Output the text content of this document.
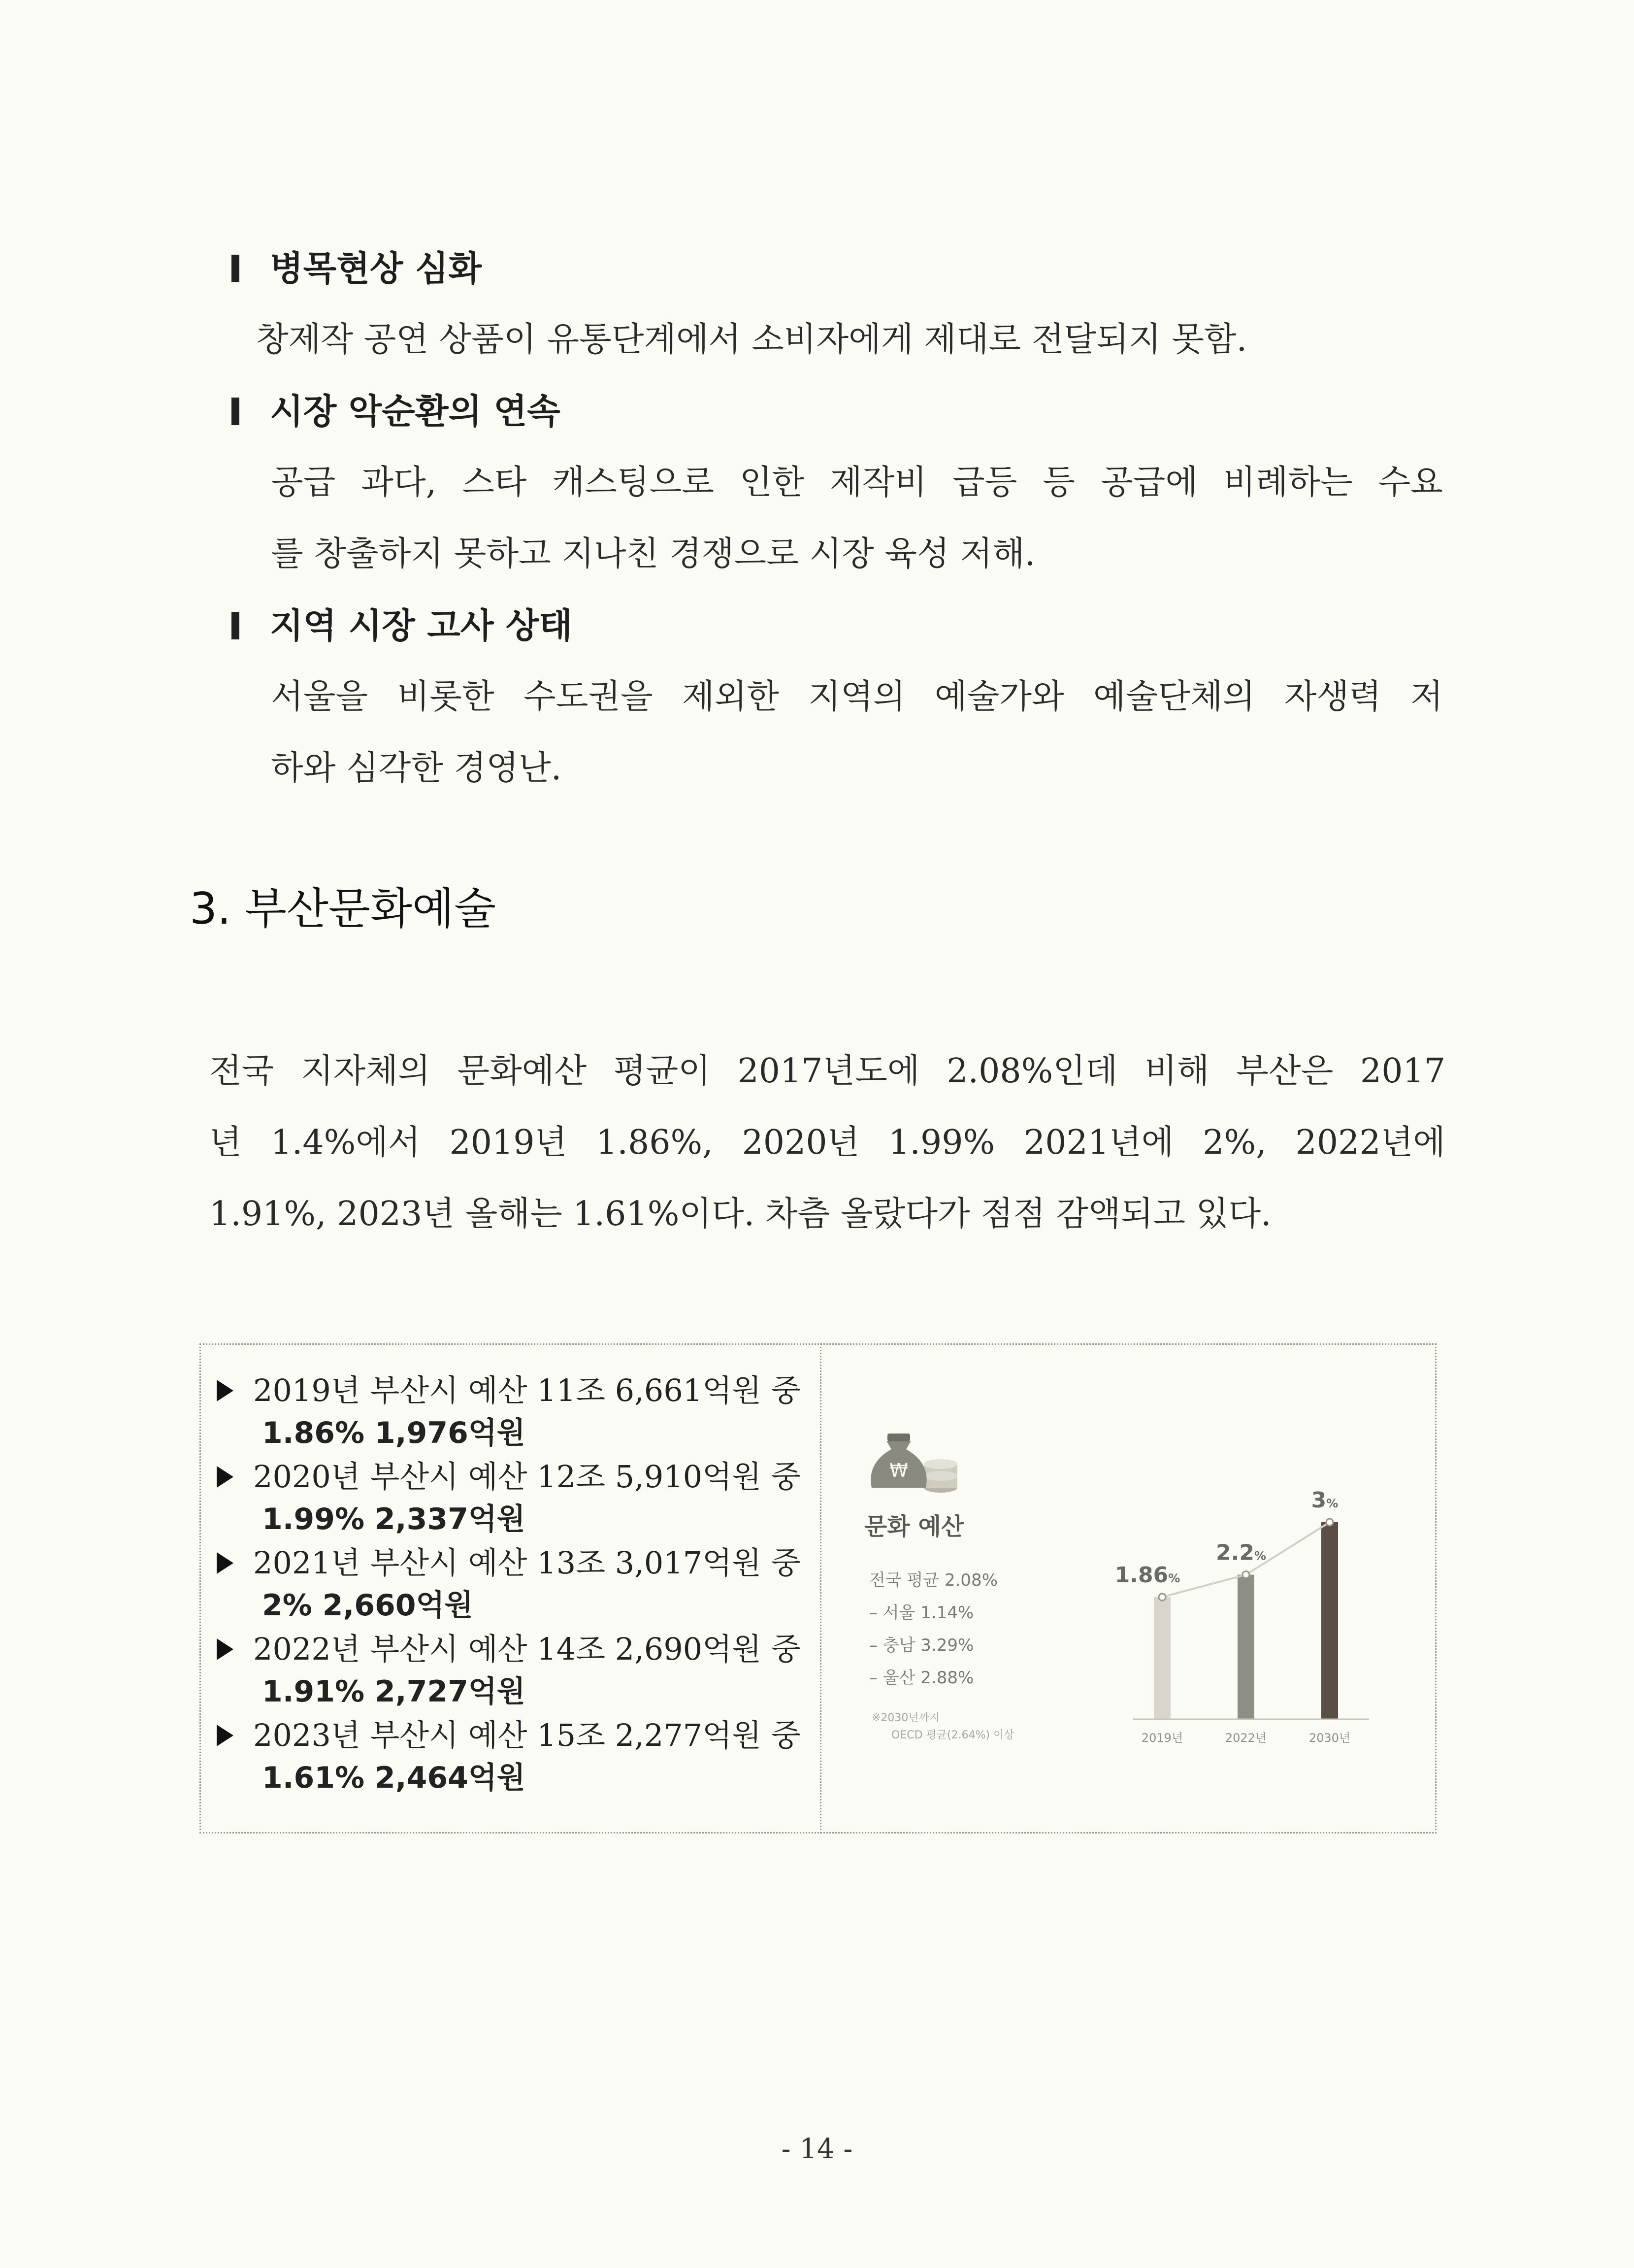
병목현상 심화
창제작 공연 상품이 유통단계에서 소비자에게 제대로 전달되지 못함.
시장 악순환의 연속
공급 과다, 스타 캐스팅으로 인한 제작비 급등 등 공급에 비례하는 수요
를 창출하지 못하고 지나친 경쟁으로 시장 육성 저해.
지역 시장 고사 상태
서울을 비롯한 수도권을 제외한 지역의 예술가와 예술단체의 자생력 저
하와 심각한 경영난.
3. 부산문화예술
전국 지자체의 문화예산 평균이 2017년도에 2.08%인데 비해 부산은 2017
년 1.4%에서 2019년 1.86%, 2020년 1.99% 2021년에 2%, 2022년에
1.91%, 2023년 올해는 1.61%이다. 차츰 올랐다가 점점 감액되고 있다.
2019년 부산시 예산 11조 6,661억원 중
1.86% 1,976억원
2020년 부산시 예산 12조 5,910억원 중
1.99% 2,337억원
2021년 부산시 예산 13조 3,017억원 중
2% 2,660억원
2022년 부산시 예산 14조 2,690억원 중
1.91% 2,727억원
2023년 부산시 예산 15조 2,277억원 중
1.61% 2,464억원
₩
문화 예산
전국 평균 2.08%
– 서울 1.14%
– 충남 3.29%
– 울산 2.88%
※2030년까지
OECD 평균(2.64%) 이상
1.86%
2.2%
3%
2019년	2022년	2030년
- 14 -
